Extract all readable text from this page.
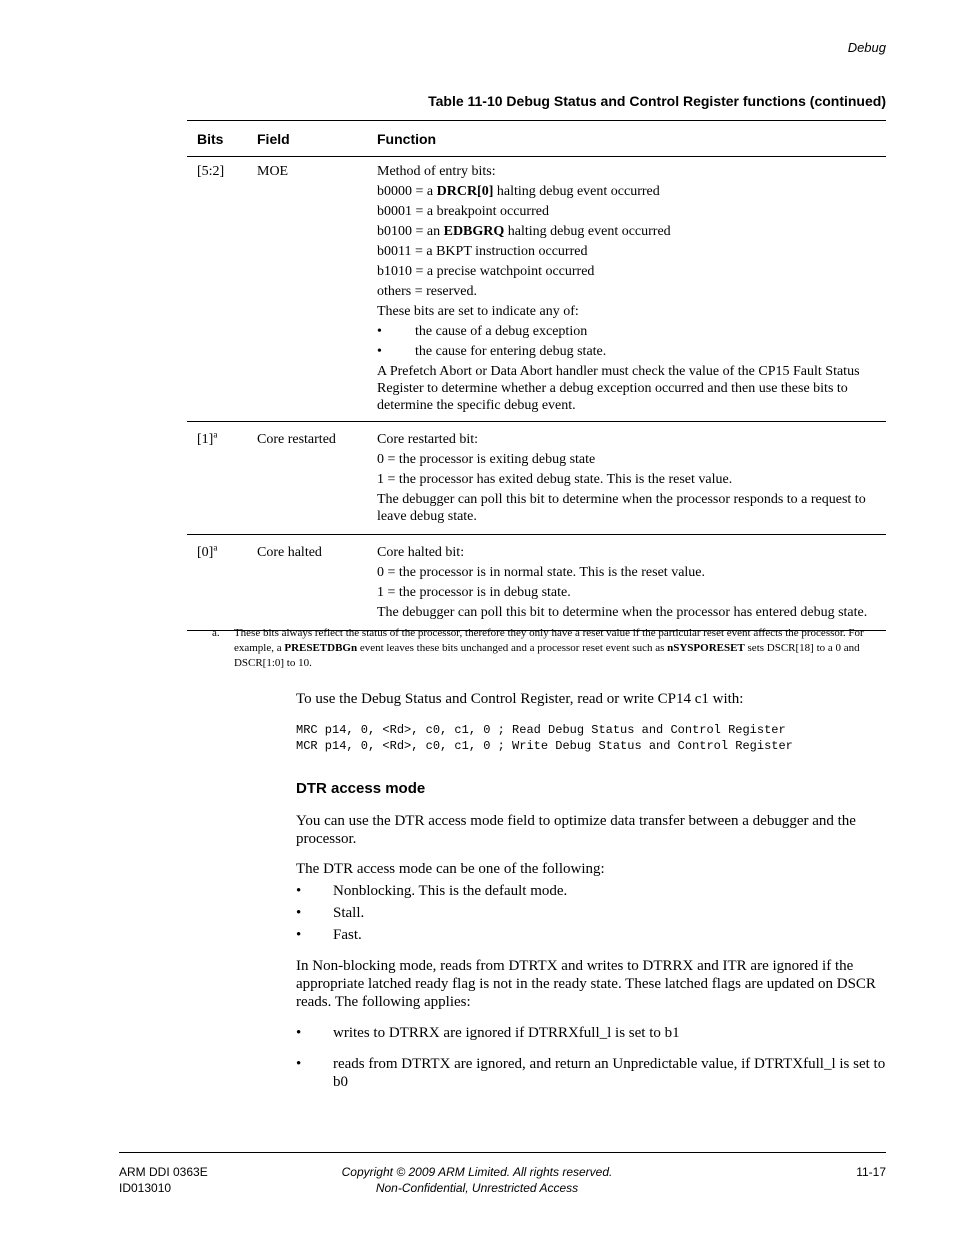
Debug
Table 11-10 Debug Status and Control Register functions (continued)
Bits	Field	Function
[5:2]	MOE	Method of entry bits:

b0000 = a DRCR[0] halting debug event occurred

b0001 = a breakpoint occurred

b0100 = an EDBGRQ halting debug event occurred

b0011 = a BKPT instruction occurred

b1010 = a precise watchpoint occurred

others = reserved.

These bits are set to indicate any of:

•	the cause of a debug exception
•	the cause for entering debug state.

A Prefetch Abort or Data Abort handler must check the value of the CP15 Fault Status Register to determine whether a debug exception occurred and then use these bits to determine the specific debug event.

[1]$^a$	Core restarted	Core restarted bit:

0 = the processor is exiting debug state

1 = the processor has exited debug state. This is the reset value.

The debugger can poll this bit to determine when the processor responds to a request to leave debug state.

[0]$^a$	Core halted	Core halted bit:

0 = the processor is in normal state. This is the reset value.

1 = the processor is in debug state.

The debugger can poll this bit to determine when the processor has entered debug state.

a.	These bits always reflect the status of the processor, therefore they only have a reset value if the particular reset event affects the processor. For example, a PRESETDBGn event leaves these bits unchanged and a processor reset event such as nSYSPORESET sets DSCR[18] to a 0 and DSCR[1:0] to 10.

To use the Debug Status and Control Register, read or write CP14 c1 with:

MRC p14, 0, <Rd>, c0, c1, 0 ; Read Debug Status and Control Register
MCR p14, 0, <Rd>, c0, c1, 0 ; Write Debug Status and Control Register
DTR access mode

You can use the DTR access mode field to optimize data transfer between a debugger and the processor.

The DTR access mode can be one of the following:

•	Nonblocking. This is the default mode.
•	Stall.
•	Fast.

In Non-blocking mode, reads from DTRTX and writes to DTRRX and ITR are ignored if the appropriate latched ready flag is not in the ready state. These latched flags are updated on DSCR reads. The following applies:

•	writes to DTRRX are ignored if DTRRXfull_l is set to b1
•	reads from DTRTX are ignored, and return an Unpredictable value, if DTRTXfull_l is set to b0
ARM DDI 0363E
ID013010
Copyright © 2009 ARM Limited. All rights reserved.
Non-Confidential, Unrestricted Access
11-17
